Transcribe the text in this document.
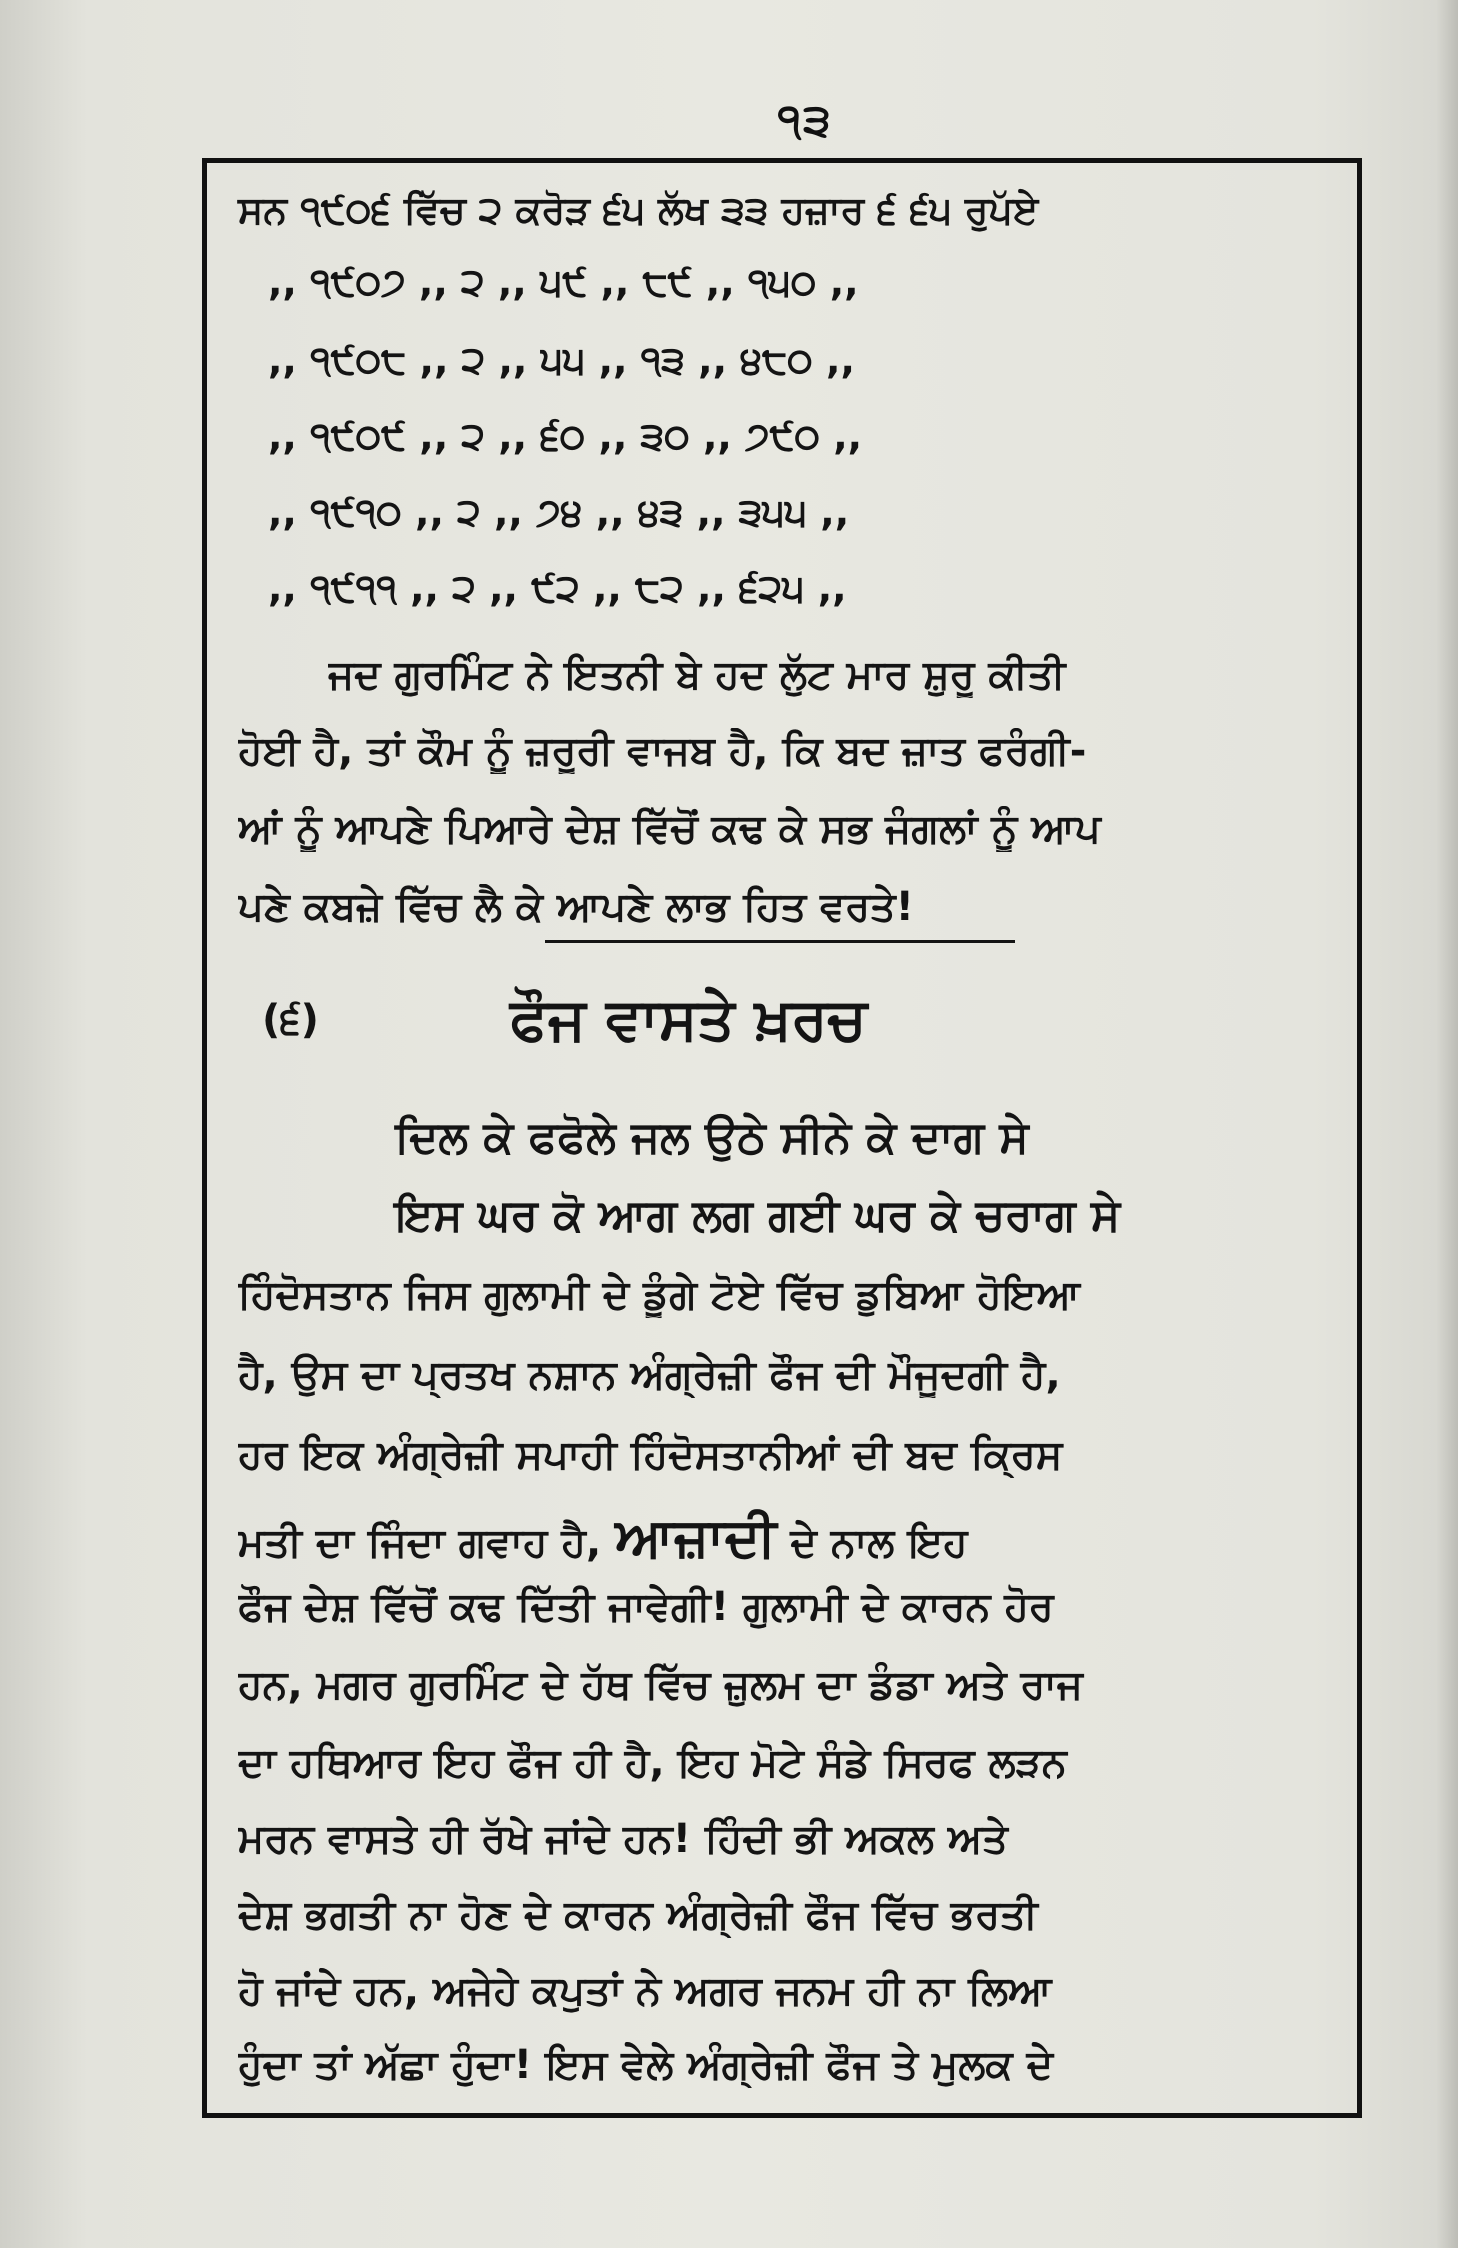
੧੩
ਸਨ ੧੯੦੬ ਵਿੱਚ ੨ ਕਰੋੜ ੬੫ ਲੱਖ ੩੩ ਹਜ਼ਾਰ ੬ ੬੫ ਰੁਪੱਏ
,, ੧੯੦੭ ,, ੨ ,, ੫੯ ,, ੮੯ ,, ੧੫੦ ,,
,, ੧੯੦੮ ,, ੨ ,, ੫੫ ,, ੧੩ ,, ੪੮੦ ,,
,, ੧੯੦੯ ,, ੨ ,, ੬੦ ,, ੩੦ ,, ੭੯੦ ,,
,, ੧੯੧੦ ,, ੨ ,, ੭੪ ,, ੪੩ ,, ੩੫੫ ,,
,, ੧੯੧੧ ,, ੨ ,, ੯੨ ,, ੮੨ ,, ੬੨੫ ,,
ਜਦ ਗੁਰਮਿੰਟ ਨੇ ਇਤਨੀ ਬੇ ਹਦ ਲੁੱਟ ਮਾਰ ਸ਼ੁਰੂ ਕੀਤੀ
ਹੋਈ ਹੈ, ਤਾਂ ਕੌਮ ਨੂੰ ਜ਼ਰੂਰੀ ਵਾਜਬ ਹੈ, ਕਿ ਬਦ ਜ਼ਾਤ ਫਰੰਗੀ-
ਆਂ ਨੂੰ ਆਪਣੇ ਪਿਆਰੇ ਦੇਸ਼ ਵਿੱਚੋਂ ਕਢ ਕੇ ਸਭ ਜੰਗਲਾਂ ਨੂੰ ਆਪ
ਪਣੇ ਕਬਜ਼ੇ ਵਿੱਚ ਲੈ ਕੇ ਆਪਣੇ ਲਾਭ ਹਿਤ ਵਰਤੇ!
(੬)	ਫੌਜ ਵਾਸਤੇ ਖ਼ਰਚ
ਦਿਲ ਕੇ ਫਫੋਲੇ ਜਲ ਉਠੇ ਸੀਨੇ ਕੇ ਦਾਗ ਸੇ
ਇਸ ਘਰ ਕੋ ਆਗ ਲਗ ਗਈ ਘਰ ਕੇ ਚਰਾਗ ਸੇ
ਹਿੰਦੋਸਤਾਨ ਜਿਸ ਗੁਲਾਮੀ ਦੇ ਡੂੰਗੇ ਟੋਏ ਵਿੱਚ ਡੁਬਿਆ ਹੋਇਆ
ਹੈ, ਉਸ ਦਾ ਪ੍ਰਤਖ ਨਸ਼ਾਨ ਅੰਗ੍ਰੇਜ਼ੀ ਫੌਜ ਦੀ ਮੌਜੂਦਗੀ ਹੈ,
ਹਰ ਇਕ ਅੰਗ੍ਰੇਜ਼ੀ ਸਪਾਹੀ ਹਿੰਦੋਸਤਾਨੀਆਂ ਦੀ ਬਦ ਕ੍ਰਿਸ
ਮਤੀ ਦਾ ਜਿੰਦਾ ਗਵਾਹ ਹੈ, ਆਜ਼ਾਦੀ ਦੇ ਨਾਲ ਇਹ
ਫੌਜ ਦੇਸ਼ ਵਿੱਚੋਂ ਕਢ ਦਿੱਤੀ ਜਾਵੇਗੀ! ਗੁਲਾਮੀ ਦੇ ਕਾਰਨ ਹੋਰ
ਹਨ, ਮਗਰ ਗੁਰਮਿੰਟ ਦੇ ਹੱਥ ਵਿੱਚ ਜ਼ੁਲਮ ਦਾ ਡੰਡਾ ਅਤੇ ਰਾਜ
ਦਾ ਹਥਿਆਰ ਇਹ ਫੌਜ ਹੀ ਹੈ, ਇਹ ਮੋਟੇ ਸੰਡੇ ਸਿਰਫ ਲੜਨ
ਮਰਨ ਵਾਸਤੇ ਹੀ ਰੱਖੇ ਜਾਂਦੇ ਹਨ! ਹਿੰਦੀ ਭੀ ਅਕਲ ਅਤੇ
ਦੇਸ਼ ਭਗਤੀ ਨਾ ਹੋਣ ਦੇ ਕਾਰਨ ਅੰਗ੍ਰੇਜ਼ੀ ਫੌਜ ਵਿੱਚ ਭਰਤੀ
ਹੋ ਜਾਂਦੇ ਹਨ, ਅਜੇਹੇ ਕਪੁਤਾਂ ਨੇ ਅਗਰ ਜਨਮ ਹੀ ਨਾ ਲਿਆ
ਹੁੰਦਾ ਤਾਂ ਅੱਛਾ ਹੁੰਦਾ! ਇਸ ਵੇਲੇ ਅੰਗ੍ਰੇਜ਼ੀ ਫੌਜ ਤੇ ਮੁਲਕ ਦੇ
